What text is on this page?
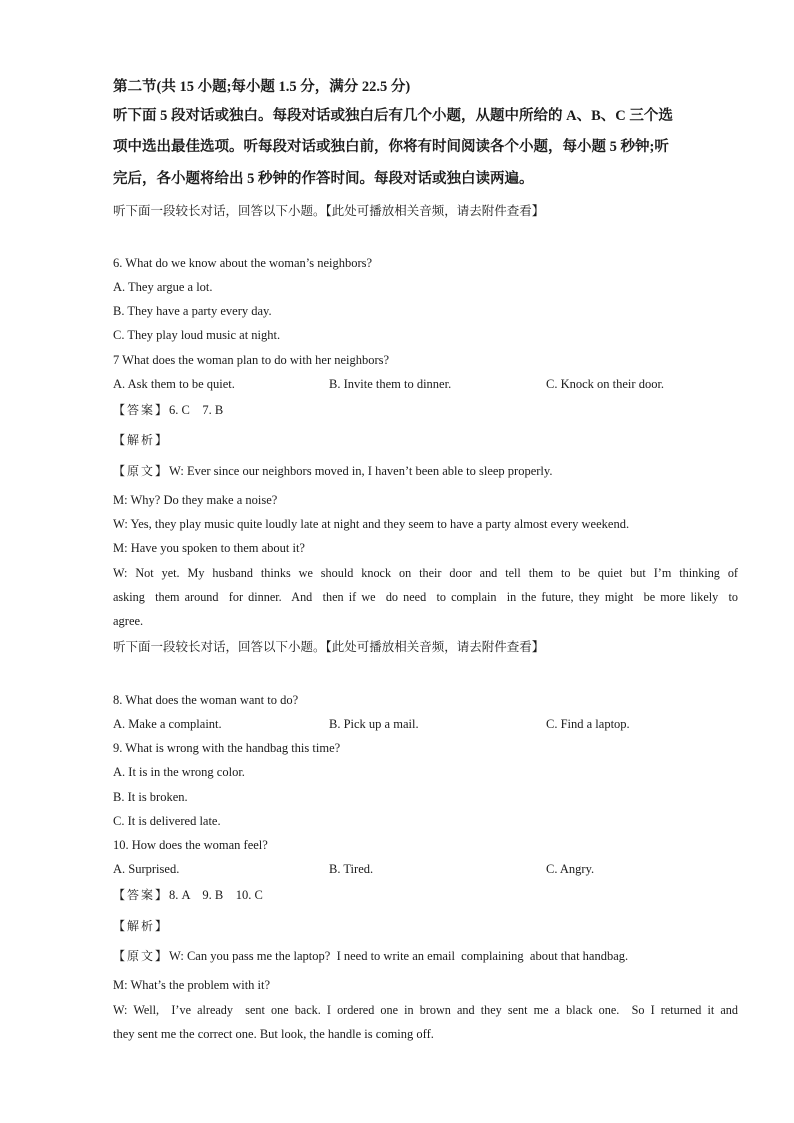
第二节(共 15 小题;每小题 1.5 分，满分 22.5 分)

听下面 5 段对话或独白。每段对话或独白后有几个小题，从题中所给的 A、B、C 三个选

项中选出最佳选项。听每段对话或独白前，你将有时间阅读各个小题，每小题 5 秒钟;听

完后，各小题将给出 5 秒钟的作答时间。每段对话或独白读两遍。

听下面一段较长对话，回答以下小题。【此处可播放相关音频，请去附件查看】

6. What do we know about the woman’s neighbors?

A. They argue a lot.

B. They have a party every day.

C. They play loud music at night.

7 What does the woman plan to do with her neighbors?

A. Ask them to be quiet.	B. Invite them to dinner.	C. Knock on their door.

【答案】6. C    7. B

【解析】

【原文】W: Ever since our neighbors moved in, I haven’t been able to sleep properly.

M: Why? Do they make a noise?

W: Yes, they play music quite loudly late at night and they seem to have a party almost every weekend.

M: Have you spoken to them about it?

W:  Not  yet.  My  husband  thinks  we  should  knock  on  their  door  and  tell  them  to  be  quiet  but  I’m  thinking  of

asking  them around  for dinner.  And  then if we  do need  to complain  in the future, they might  be more likely  to

agree.

听下面一段较长对话，回答以下小题。【此处可播放相关音频，请去附件查看】

8. What does the woman want to do?

A. Make a complaint.	B. Pick up a mail.	C. Find a laptop.

9. What is wrong with the handbag this time?

A. It is in the wrong color.

B. It is broken.

C. It is delivered late.

10. How does the woman feel?

A. Surprised.	B. Tired.	C. Angry.

【答案】8. A    9. B    10. C

【解析】

【原文】W: Can you pass me the laptop?  I need to write an email  complaining  about that handbag.

M: What’s the problem with it?

W: Well,  I’ve already  sent one back. I ordered one in brown and they sent me a black one.  So I returned it and

they sent me the correct one. But look, the handle is coming off.
